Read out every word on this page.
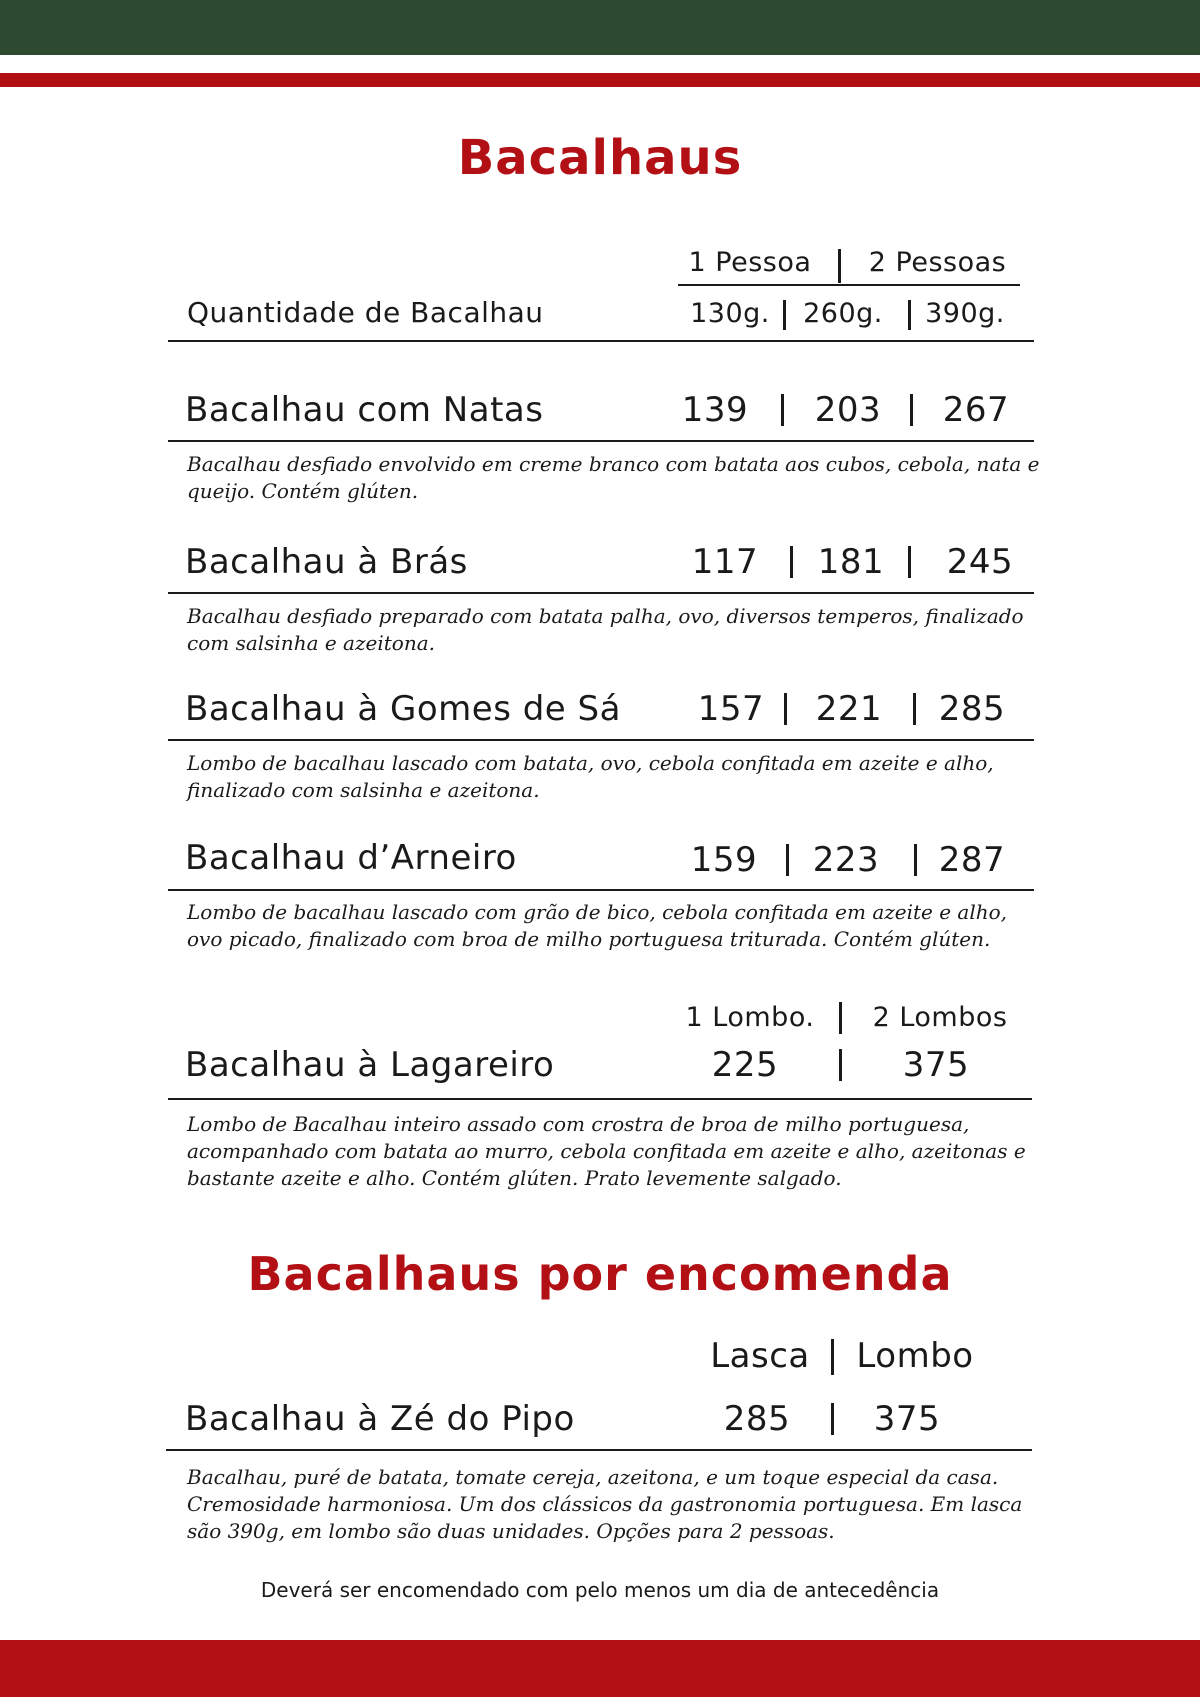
Bacalhaus
1 Pessoa	2 Pessoas
Quantidade de Bacalhau	130g.	260g.	390g.
Bacalhau com Natas	139	203	267

Bacalhau desfiado envolvido em creme branco com batata aos cubos, cebola, nata e queijo. Contém glúten.

Bacalhau à Brás	117	181	245

Bacalhau desfiado preparado com batata palha, ovo, diversos temperos, finalizado com salsinha e azeitona.

Bacalhau à Gomes de Sá	157	221	285

Lombo de bacalhau lascado com batata, ovo, cebola confitada em azeite e alho, finalizado com salsinha e azeitona.

Bacalhau d’Arneiro	159	223	287

Lombo de bacalhau lascado com grão de bico, cebola confitada em azeite e alho, ovo picado, finalizado com broa de milho portuguesa triturada. Contém glúten.

1 Lombo.	2 Lombos
Bacalhau à Lagareiro	225	375

Lombo de Bacalhau inteiro assado com crostra de broa de milho portuguesa, acompanhado com batata ao murro, cebola confitada em azeite e alho, azeitonas e bastante azeite e alho. Contém glúten. Prato levemente salgado.

Bacalhaus por encomenda
Lasca	Lombo
Bacalhau à Zé do Pipo	285	375

Bacalhau, puré de batata, tomate cereja, azeitona, e um toque especial da casa. Cremosidade harmoniosa. Um dos clássicos da gastronomia portuguesa. Em lasca são 390g, em lombo são duas unidades. Opções para 2 pessoas.

Deverá ser encomendado com pelo menos um dia de antecedência
